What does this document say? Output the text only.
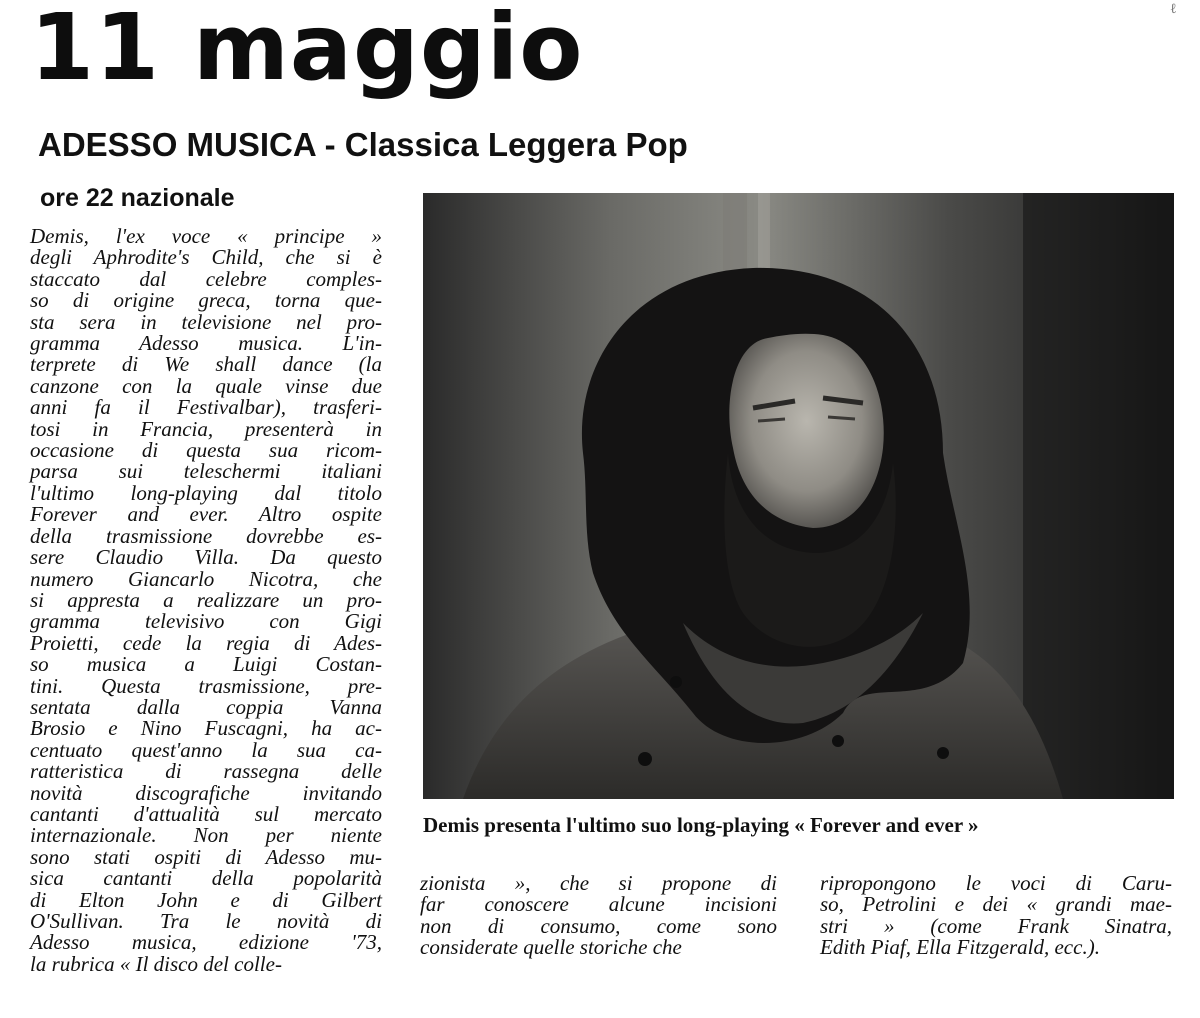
11 maggio
ADESSO MUSICA - Classica Leggera Pop
ore 22 nazionale
Demis, l'ex voce « principe »
degli Aphrodite's Child, che si è
staccato dal celebre comples-
so di origine greca, torna que-
sta sera in televisione nel pro-
gramma Adesso musica. L'in-
terprete di We shall dance (la
canzone con la quale vinse due
anni fa il Festivalbar), trasferi-
tosi in Francia, presenterà in
occasione di questa sua ricom-
parsa sui teleschermi italiani
l'ultimo long-playing dal titolo
Forever and ever. Altro ospite
della trasmissione dovrebbe es-
sere Claudio Villa. Da questo
numero Giancarlo Nicotra, che
si appresta a realizzare un pro-
gramma televisivo con Gigi
Proietti, cede la regia di Ades-
so musica a Luigi Costan-
tini. Questa trasmissione, pre-
sentata dalla coppia Vanna
Brosio e Nino Fuscagni, ha ac-
centuato quest'anno la sua ca-
ratteristica di rassegna delle
novità discografiche invitando
cantanti d'attualità sul mercato
internazionale. Non per niente
sono stati ospiti di Adesso mu-
sica cantanti della popolarità
di Elton John e di Gilbert
O'Sullivan. Tra le novità di
Adesso musica, edizione '73,
la rubrica « Il disco del colle-

Demis presenta l'ultimo suo long-playing « Forever and ever »

zionista », che si propone di
far conoscere alcune incisioni
non di consumo, come sono
considerate quelle storiche che
ripropongono le voci di Caru-
so, Petrolini e dei « grandi mae-
stri » (come Frank Sinatra,
Edith Piaf, Ella Fitzgerald, ecc.).
ℓ
